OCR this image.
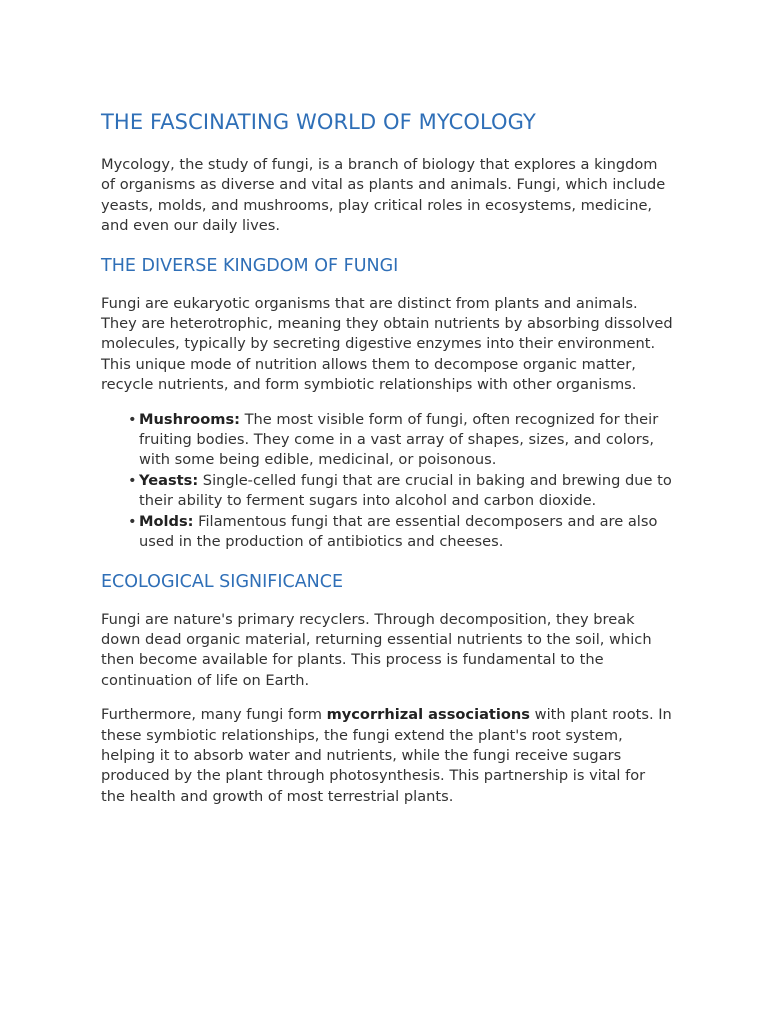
THE FASCINATING WORLD OF MYCOLOGY

Mycology, the study of fungi, is a branch of biology that explores a kingdom of organisms as diverse and vital as plants and animals. Fungi, which include yeasts, molds, and mushrooms, play critical roles in ecosystems, medicine, and even our daily lives.

THE DIVERSE KINGDOM OF FUNGI

Fungi are eukaryotic organisms that are distinct from plants and animals. They are heterotrophic, meaning they obtain nutrients by absorbing dissolved molecules, typically by secreting digestive enzymes into their environment. This unique mode of nutrition allows them to decompose organic matter, recycle nutrients, and form symbiotic relationships with other organisms.

• Mushrooms: The most visible form of fungi, often recognized for their fruiting bodies. They come in a vast array of shapes, sizes, and colors, with some being edible, medicinal, or poisonous.
• Yeasts: Single-celled fungi that are crucial in baking and brewing due to their ability to ferment sugars into alcohol and carbon dioxide.
• Molds: Filamentous fungi that are essential decomposers and are also used in the production of antibiotics and cheeses.
ECOLOGICAL SIGNIFICANCE

Fungi are nature's primary recyclers. Through decomposition, they break down dead organic material, returning essential nutrients to the soil, which then become available for plants. This process is fundamental to the continuation of life on Earth.

Furthermore, many fungi form mycorrhizal associations with plant roots. In these symbiotic relationships, the fungi extend the plant's root system, helping it to absorb water and nutrients, while the fungi receive sugars produced by the plant through photosynthesis. This partnership is vital for the health and growth of most terrestrial plants.
